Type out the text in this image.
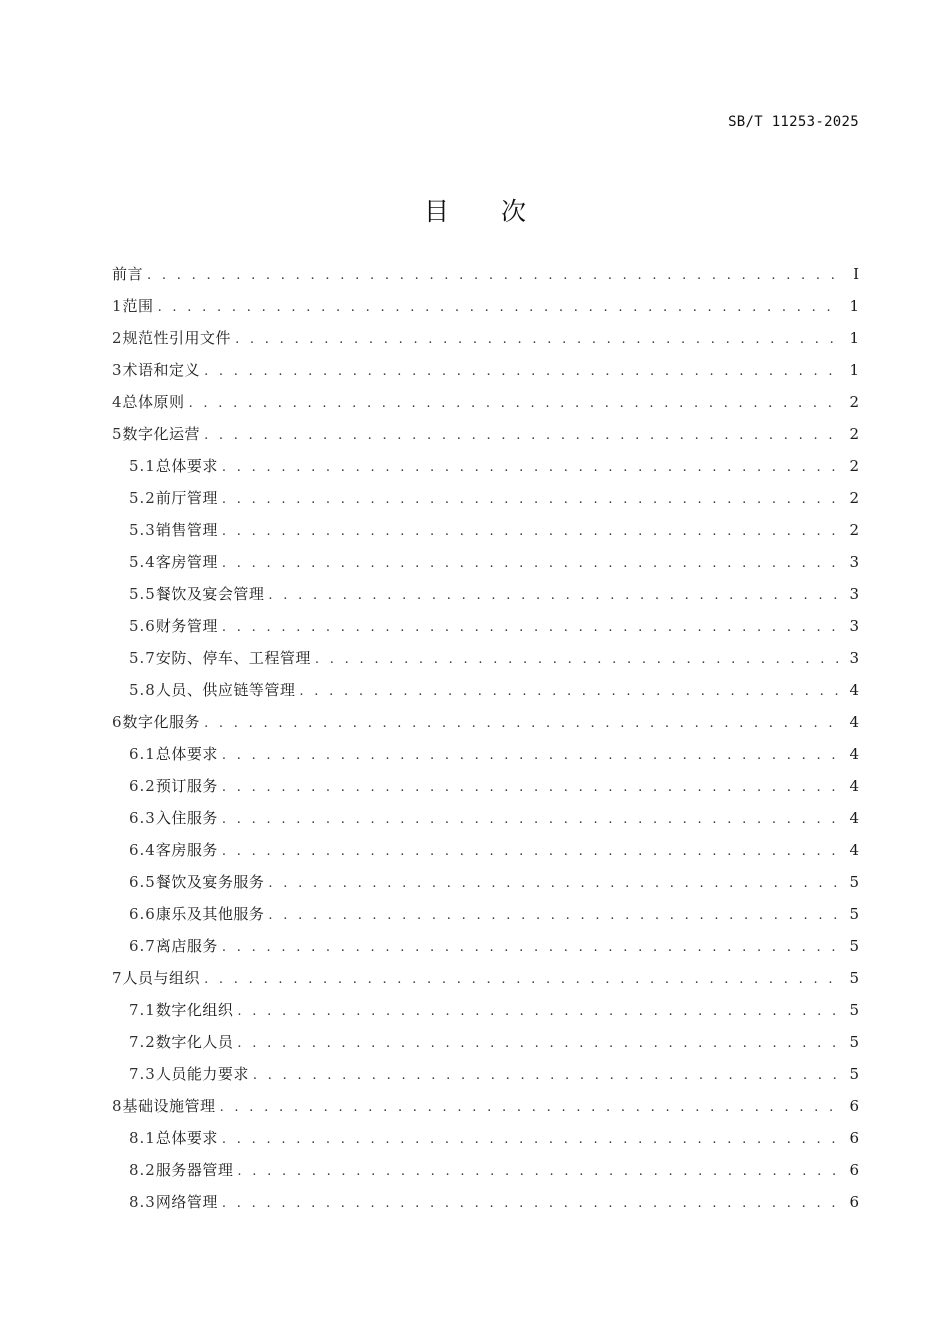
SB/T 11253-2025
目次
前言 . . .	I
1 范围 . . .	1
2 规范性引用文件 . . .	1
3 术语和定义 . . .	1
4 总体原则 . . .	2
5 数字化运营 . . .	2
5.1 总体要求 . . .	2
5.2 前厅管理 . . .	2
5.3 销售管理 . . .	2
5.4 客房管理 . . .	3
5.5 餐饮及宴会管理 . . .	3
5.6 财务管理 . . .	3
5.7 安防、停车、工程管理 . . .	3
5.8 人员、供应链等管理 . . .	4
6 数字化服务 . . .	4
6.1 总体要求 . . .	4
6.2 预订服务 . . .	4
6.3 入住服务 . . .	4
6.4 客房服务 . . .	4
6.5 餐饮及宴务服务 . . .	5
6.6 康乐及其他服务 . . .	5
6.7 离店服务 . . .	5
7 人员与组织 . . .	5
7.1 数字化组织 . . .	5
7.2 数字化人员 . . .	5
7.3 人员能力要求 . . .	5
8 基础设施管理 . . .	6
8.1 总体要求 . . .	6
8.2 服务器管理 . . .	6
8.3 网络管理 . . .	6
